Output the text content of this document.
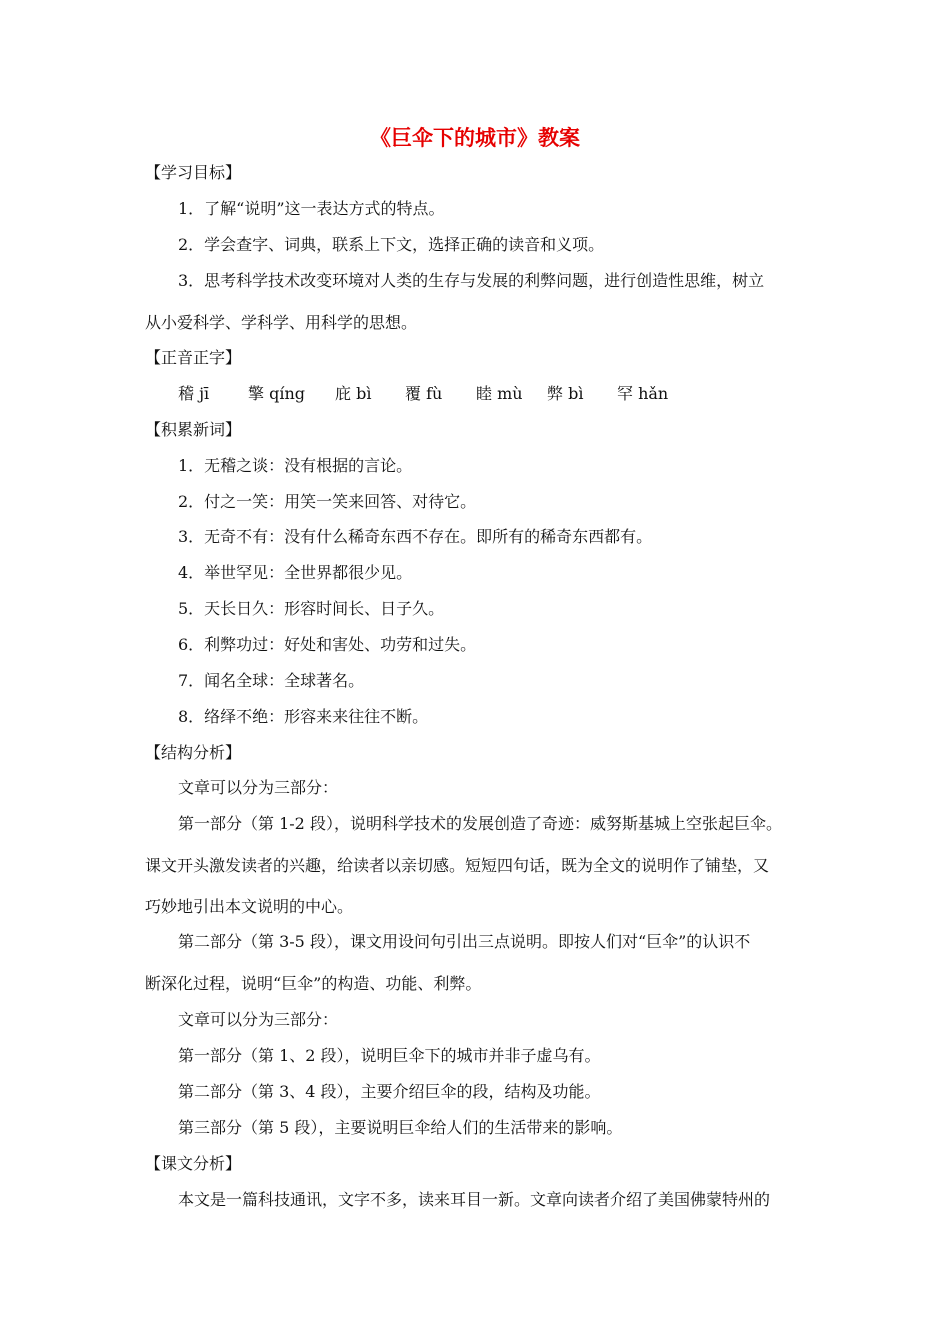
《巨伞下的城市》教案
【学习目标】
1．了解“说明”这一表达方式的特点。
2．学会查字、词典，联系上下文，选择正确的读音和义项。
3．思考科学技术改变环境对人类的生存与发展的利弊问题，进行创造性思维，树立
从小爱科学、学科学、用科学的思想。
【正音正字】
稽 jī 擎 qíng 庇 bì 覆 fù 睦 mù 弊 bì 罕 hǎn
【积累新词】
1．无稽之谈：没有根据的言论。
2．付之一笑：用笑一笑来回答、对待它。
3．无奇不有：没有什么稀奇东西不存在。即所有的稀奇东西都有。
4．举世罕见：全世界都很少见。
5．天长日久：形容时间长、日子久。
6．利弊功过：好处和害处、功劳和过失。
7．闻名全球：全球著名。
8．络绎不绝：形容来来往往不断。
【结构分析】
文章可以分为三部分：
第一部分（第 1-2 段），说明科学技术的发展创造了奇迹：威努斯基城上空张起巨伞。
课文开头激发读者的兴趣，给读者以亲切感。短短四句话，既为全文的说明作了铺垫，又
巧妙地引出本文说明的中心。
第二部分（第 3-5 段），课文用设问句引出三点说明。即按人们对“巨伞”的认识不
断深化过程，说明“巨伞”的构造、功能、利弊。
文章可以分为三部分：
第一部分（第 1、2 段），说明巨伞下的城市并非子虚乌有。
第二部分（第 3、4 段），主要介绍巨伞的段，结构及功能。
第三部分（第 5 段），主要说明巨伞给人们的生活带来的影响。
【课文分析】
本文是一篇科技通讯，文字不多，读来耳目一新。文章向读者介绍了美国佛蒙特州的
